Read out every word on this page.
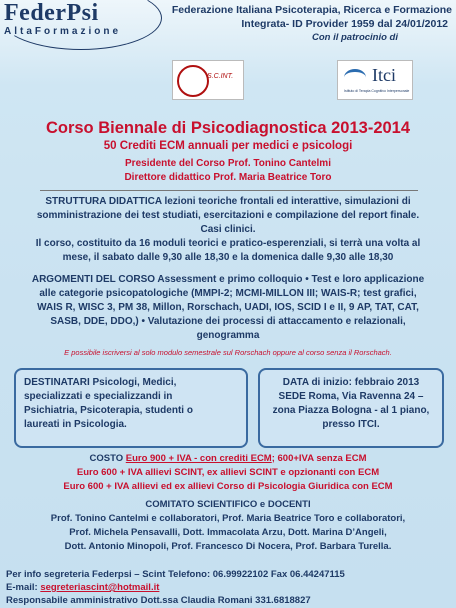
FederPsi
AltaFormazione
Federazione Italiana Psicoterapia, Ricerca e Formazione
Integrata- ID Provider 1959 dal 24/01/2012
Con il patrocinio di
S.C.INT.	Itci
Istituto di Terapia Cognitivo Interpersonale
Corso Biennale di Psicodiagnostica 2013-2014
50 Crediti ECM annuali per medici e psicologi
Presidente del Corso Prof. Tonino Cantelmi
Direttore didattico Prof. Maria Beatrice Toro
STRUTTURA DIDATTICA lezioni teoriche frontali ed interattive, simulazioni di
somministrazione dei test studiati, esercitazioni e compilazione del report finale.
Casi clinici.
Il corso, costituito da 16 moduli teorici e pratico-esperenziali, si terrà una volta al
mese, il sabato dalle 9,30 alle 18,30 e la domenica dalle 9,30 alle 18,30
ARGOMENTI DEL CORSO Assessment e primo colloquio • Test e loro applicazione
alle categorie psicopatologiche (MMPI-2; MCMI-MILLON III; WAIS-R; test grafici,
WAIS R, WISC 3, PM 38, Millon, Rorschach, UADI, IOS, SCID I e II, 9 AP, TAT, CAT,
SASB, DDE, DDO,) • Valutazione dei processi di attaccamento e relazionali,
genogramma
E possibile iscriversi al solo modulo semestrale sul Rorschach oppure al corso senza il Rorschach.
DESTINATARI Psicologi, Medici,
specializzati e specializzandi in
Psichiatria, Psicoterapia, studenti o
laureati in Psicologia.
DATA di inizio: febbraio 2013
SEDE Roma, Via Ravenna 24 –
zona Piazza Bologna - al 1 piano,
presso ITCI.
COSTO Euro 900 + IVA - con crediti ECM; 600+IVA senza ECM
Euro 600 + IVA allievi SCINT, ex allievi SCINT e opzionanti con ECM
Euro 600 + IVA allievi ed ex allievi Corso di Psicologia Giuridica con ECM
COMITATO SCIENTIFICO e DOCENTI
Prof. Tonino Cantelmi e collaboratori, Prof. Maria Beatrice Toro e collaboratori,
Prof. Michela Pensavalli, Dott. Immacolata Arzu, Dott. Marina D’Angeli,
Dott. Antonio Minopoli, Prof. Francesco Di Nocera, Prof. Barbara Turella.
Per info segreteria Federpsi – Scint Telefono: 06.99922102 Fax 06.44247115
E-mail: segreteriascint@hotmail.it
Responsabile amministrativo Dott.ssa Claudia Romani 331.6818827
